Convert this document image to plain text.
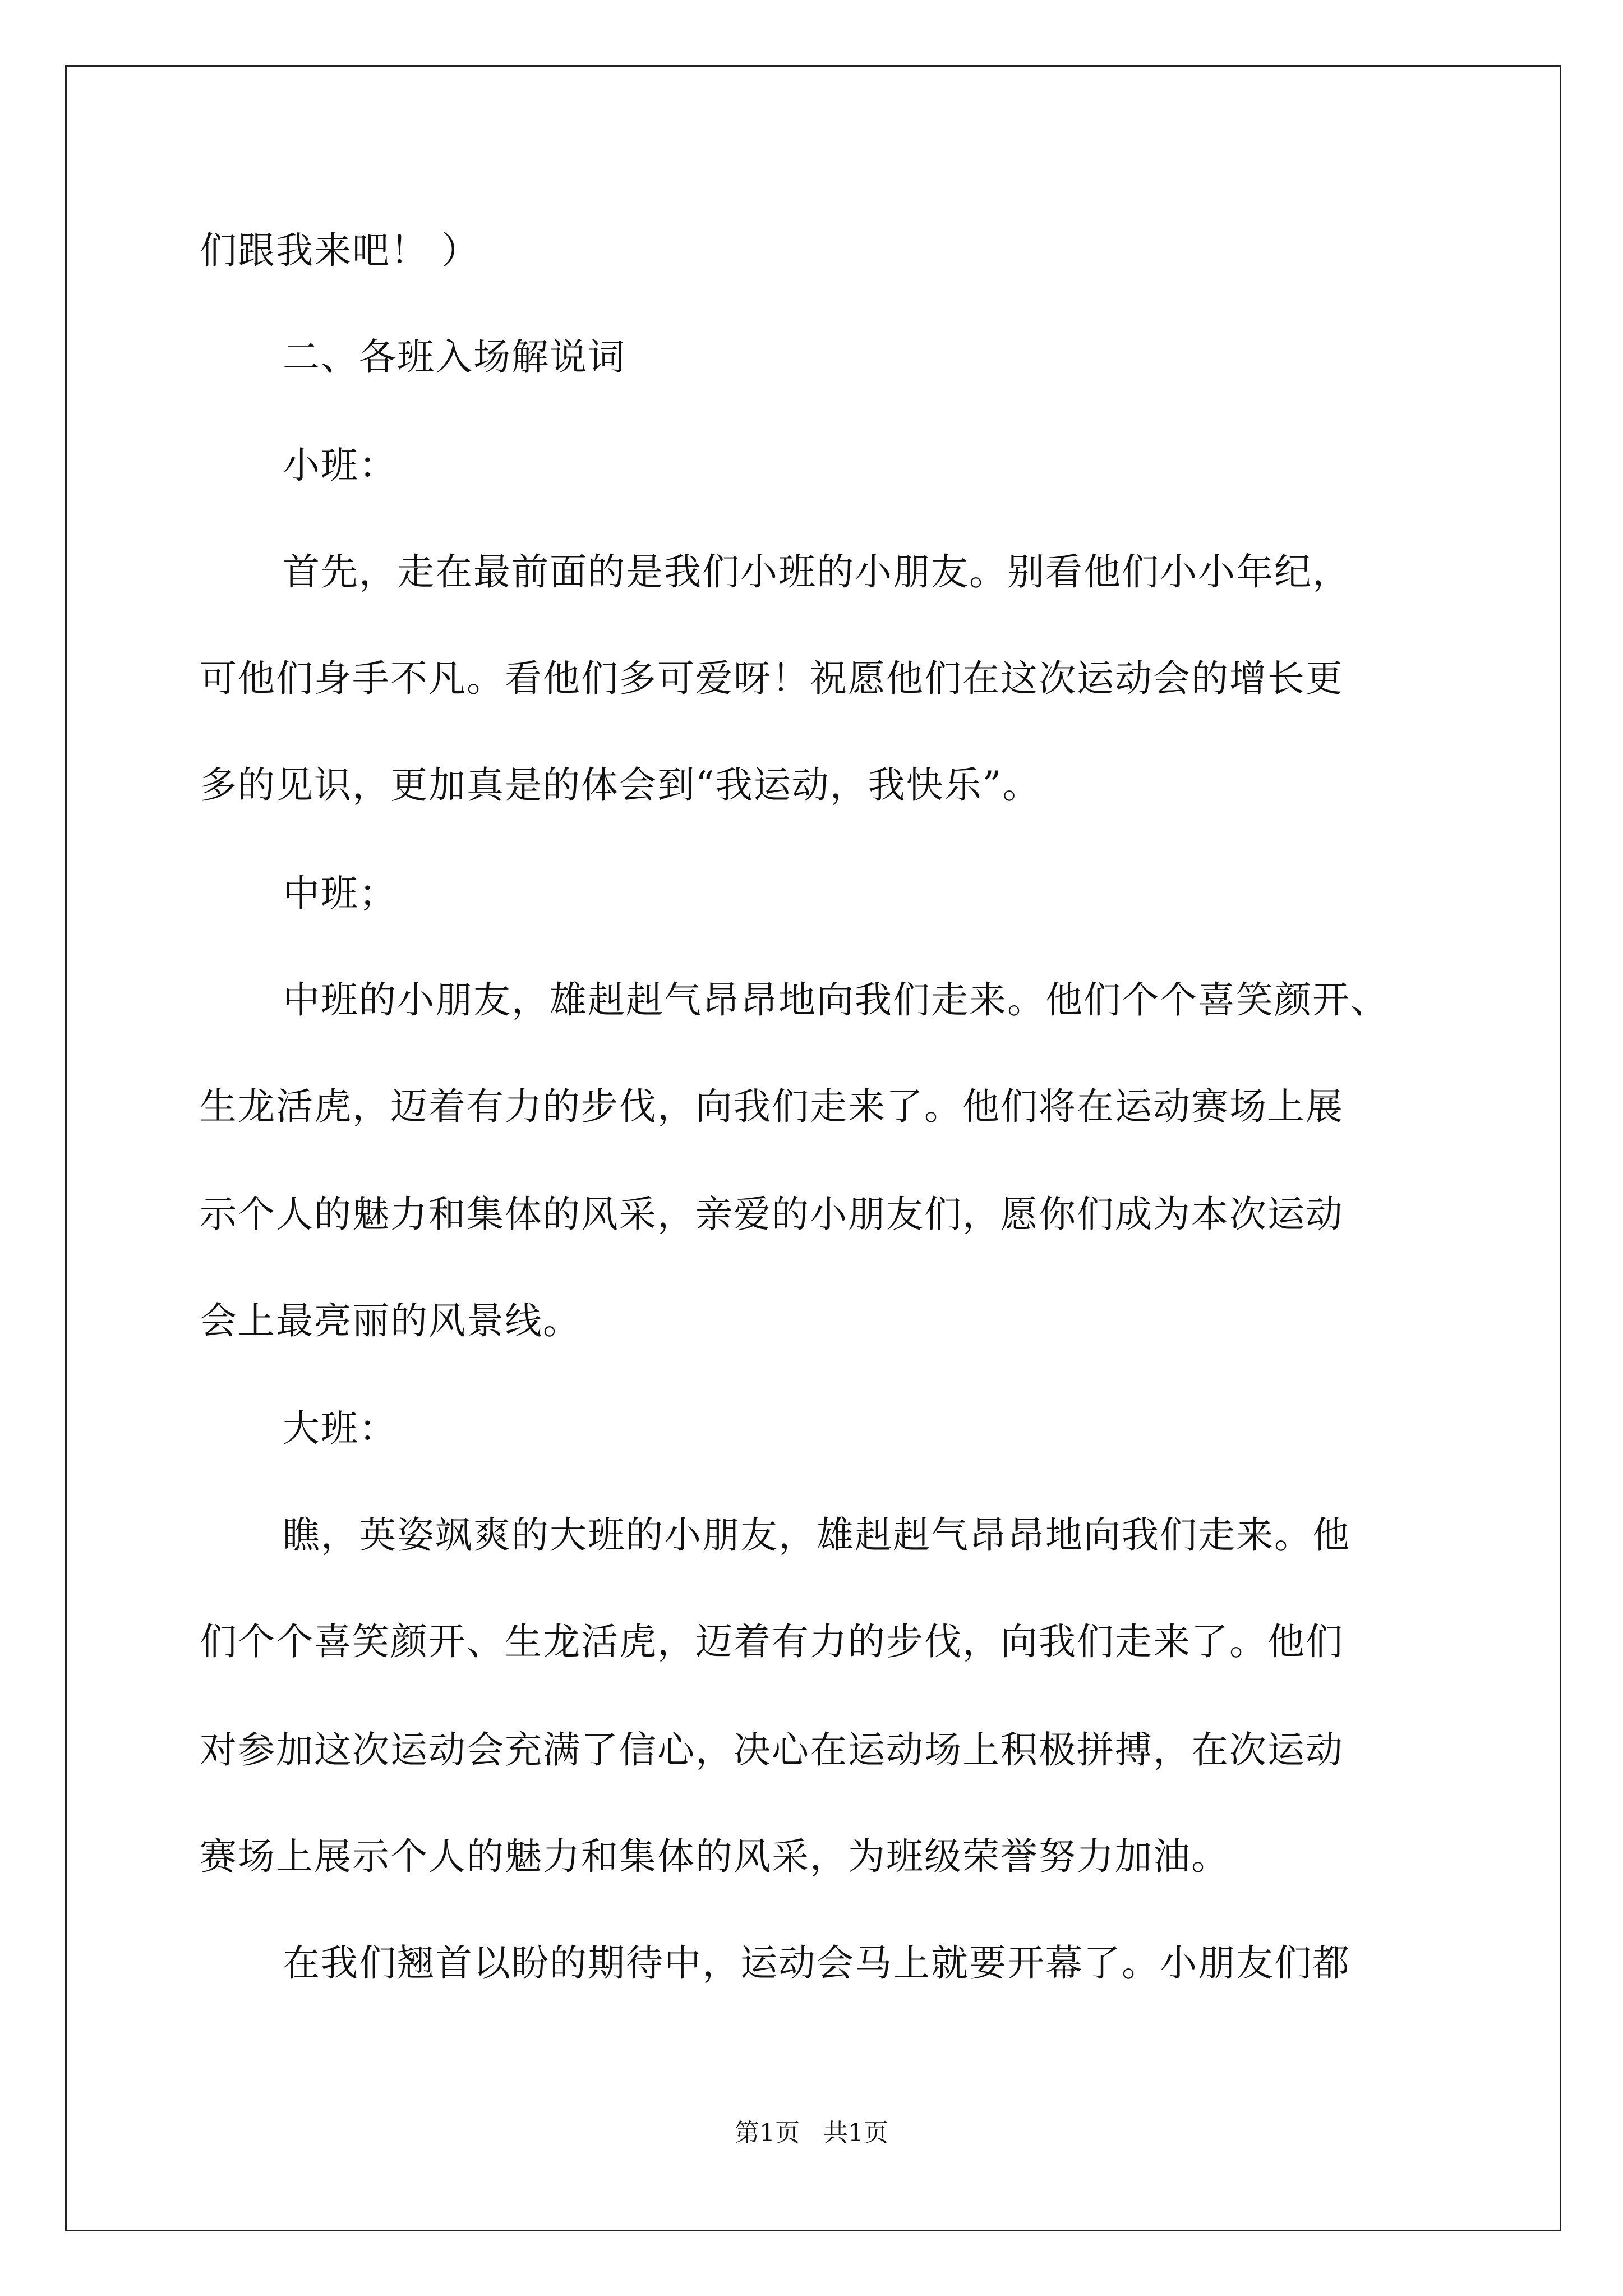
们跟我来吧！ ）
二、各班入场解说词
小班：
首先，走在最前面的是我们小班的小朋友。别看他们小小年纪，
可他们身手不凡。看他们多可爱呀！祝愿他们在这次运动会的增长更
多的见识，更加真是的体会到“我运动，我快乐”。
中班；
中班的小朋友，雄赳赳气昂昂地向我们走来。他们个个喜笑颜开、
生龙活虎，迈着有力的步伐，向我们走来了。他们将在运动赛场上展
示个人的魅力和集体的风采，亲爱的小朋友们，愿你们成为本次运动
会上最亮丽的风景线。
大班：
瞧，英姿飒爽的大班的小朋友，雄赳赳气昂昂地向我们走来。他
们个个喜笑颜开、生龙活虎，迈着有力的步伐，向我们走来了。他们
对参加这次运动会充满了信心，决心在运动场上积极拼搏，在次运动
赛场上展示个人的魅力和集体的风采，为班级荣誉努力加油。
在我们翘首以盼的期待中，运动会马上就要开幕了。小朋友们都
第1页   共1页
